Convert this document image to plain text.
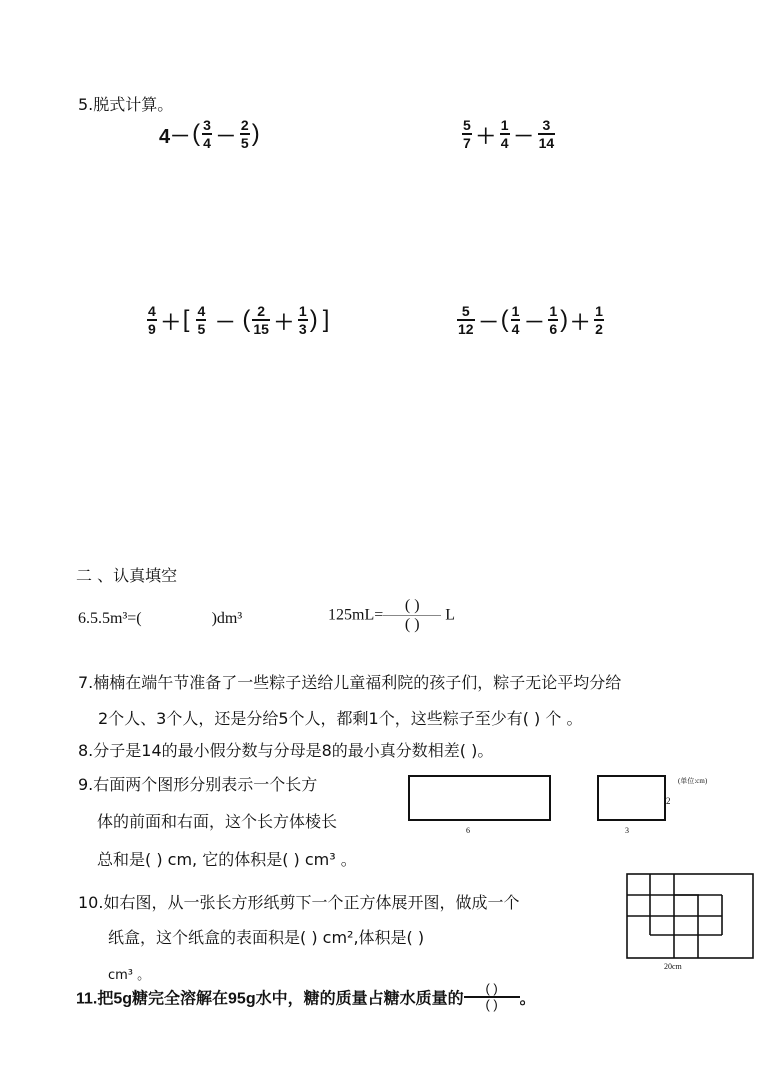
5.脱式计算。
$4-( \frac{3}{4} - \frac{2}{5}$ )	$\frac{5}{7} + \frac{1}{4} - \frac{3}{14}$
$\frac{4}{9}$ ＋[ $\frac{4}{5}$ － ( $\frac{2}{15} + \frac{1}{3}$ ) ]	$\frac{5}{12}$ －( $\frac{1}{4} - \frac{1}{6}$ ) ＋ $\frac{1}{2}$
二 、认真填空
6.5.5m³=(	)dm³	125mL=
( )
( )
L
7.楠楠在端午节准备了一些粽子送给儿童福利院的孩子们，粽子无论平均分给
2个人、3个人，还是分给5个人，都剩1个，这些粽子至少有( ) 个 。
8.分子是14的最小假分数与分母是8的最小真分数相差( )。
9.右面两个图形分别表示一个长方
体的前面和右面，这个长方体棱长
总和是( ) cm, 它的体积是( ) cm³ 。
6	3
2
(单位:cm)
10.如右图，从一张长方形纸剪下一个正方体展开图，做成一个
纸盒，这个纸盒的表面积是( ) cm²,体积是( )
cm³ 。
20cm
11.把5g糖完全溶解在95g水中，糖的质量占糖水质量的
( )
( ) 。
